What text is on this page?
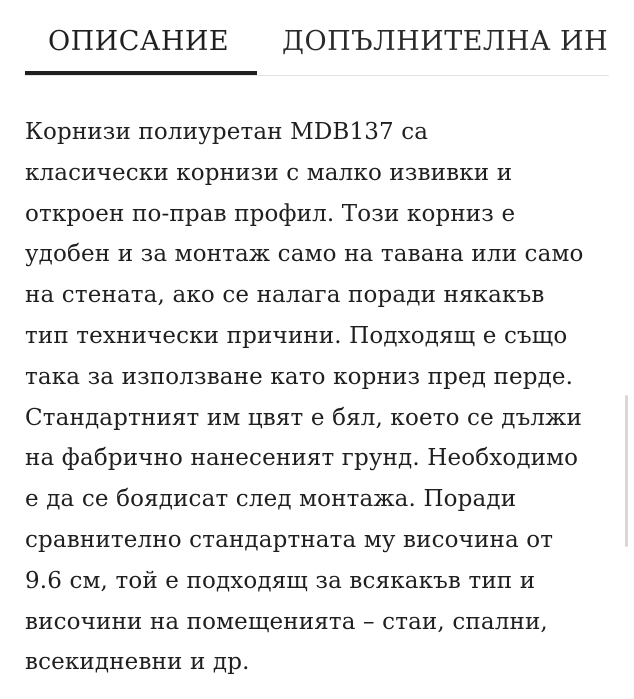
ОПИСАНИЕ ДОПЪЛНИТЕЛНА ИН

Корнизи полиуретан MDB137 са
класически корнизи с малко извивки и
откроен по-прав профил. Този корниз е
удобен и за монтаж само на тавана или само
на стената, ако се налага поради някакъв
тип технически причини. Подходящ е също
така за използване като корниз пред перде.
Стандартният им цвят е бял, което се дължи
на фабрично нанесеният грунд. Необходимо
е да се боядисат след монтажа. Поради
сравнително стандартната му височина от
9.6 см, той е подходящ за всякакъв тип и
височини на помещенията – стаи, спални,
всекидневни и др.
